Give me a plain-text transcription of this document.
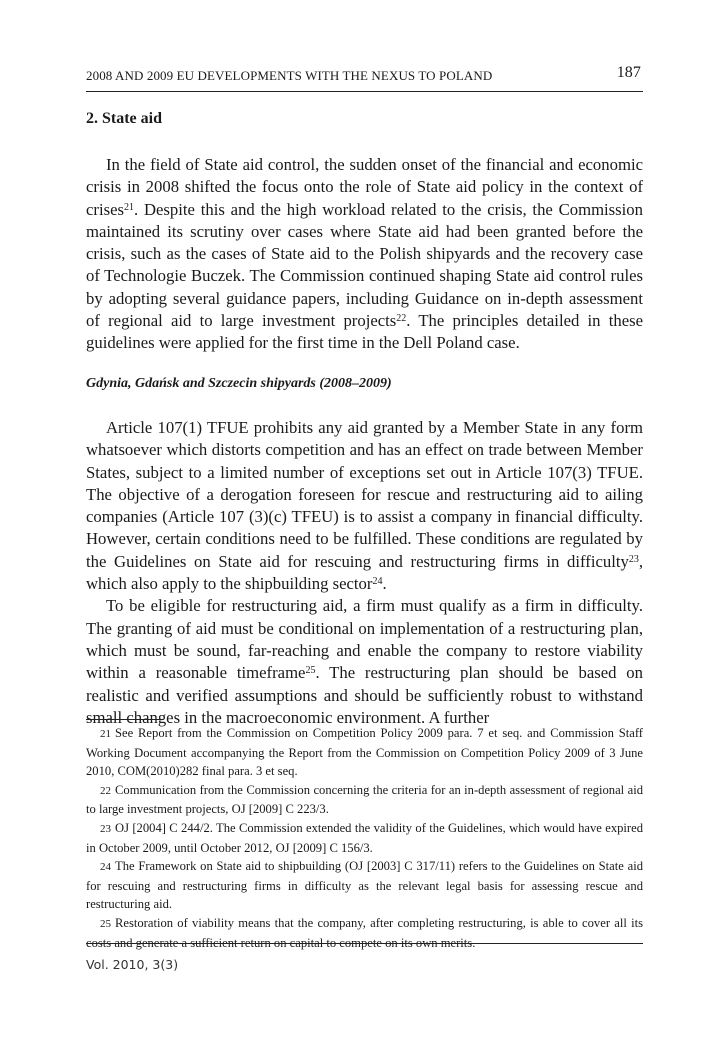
2008 AND 2009 EU DEVELOPMENTS WITH THE NEXUS TO POLAND	187
2. State aid

In the field of State aid control, the sudden onset of the financial and economic crisis in 2008 shifted the focus onto the role of State aid policy in the context of crises$^{21}$. Despite this and the high workload related to the crisis, the Commission maintained its scrutiny over cases where State aid had been granted before the crisis, such as the cases of State aid to the Polish shipyards and the recovery case of Technologie Buczek. The Commission continued shaping State aid control rules by adopting several guidance papers, including Guidance on in-depth assessment of regional aid to large investment projects$^{22}$. The principles detailed in these guidelines were applied for the first time in the Dell Poland case.

Gdynia, Gdańsk and Szczecin shipyards (2008–2009)

Article 107(1) TFUE prohibits any aid granted by a Member State in any form whatsoever which distorts competition and has an effect on trade between Member States, subject to a limited number of exceptions set out in Article 107(3) TFUE. The objective of a derogation foreseen for rescue and restructuring aid to ailing companies (Article 107 (3)(c) TFEU) is to assist a company in financial difficulty. However, certain conditions need to be fulfilled. These conditions are regulated by the Guidelines on State aid for rescuing and restructuring firms in difficulty$^{23}$, which also apply to the shipbuilding sector$^{24}$.

To be eligible for restructuring aid, a firm must qualify as a firm in difficulty. The granting of aid must be conditional on implementation of a restructuring plan, which must be sound, far-reaching and enable the company to restore viability within a reasonable timeframe$^{25}$. The restructuring plan should be based on realistic and verified assumptions and should be sufficiently robust to withstand small changes in the macroeconomic environment. A further

21 See Report from the Commission on Competition Policy 2009 para. 7 et seq. and Commission Staff Working Document accompanying the Report from the Commission on Competition Policy 2009 of 3 June 2010, COM(2010)282 final para. 3 et seq.

22 Communication from the Commission concerning the criteria for an in-depth assessment of regional aid to large investment projects, OJ [2009] C 223/3.

23 OJ [2004] C 244/2. The Commission extended the validity of the Guidelines, which would have expired in October 2009, until October 2012, OJ [2009] C 156/3.

24 The Framework on State aid to shipbuilding (OJ [2003] C 317/11) refers to the Guidelines on State aid for rescuing and restructuring firms in difficulty as the relevant legal basis for assessing rescue and restructuring aid.

25 Restoration of viability means that the company, after completing restructuring, is able to cover all its costs and generate a sufficient return on capital to compete on its own merits.

Vol. 2010, 3(3)
